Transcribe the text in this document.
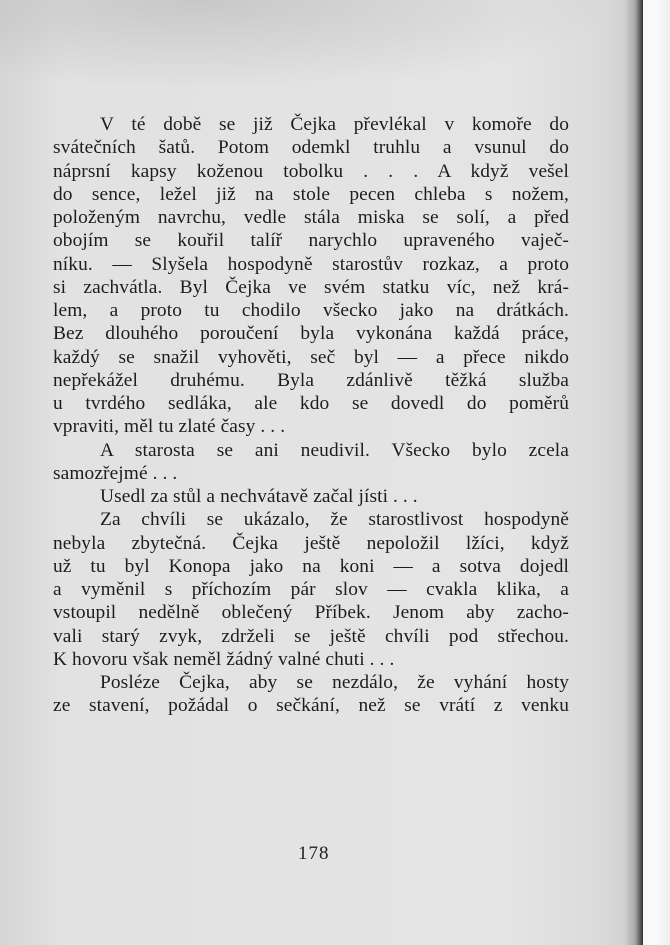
V té době se již Čejka převlékal v komoře do
svátečních šatů. Potom odemkl truhlu a vsunul do
náprsní kapsy koženou tobolku . . . A když vešel
do sence, ležel již na stole pecen chleba s nožem,
položeným navrchu, vedle stála miska se solí, a před
obojím se kouřil talíř narychlo upraveného vaječ-
níku. — Slyšela hospodyně starostův rozkaz, a proto
si zachvátla. Byl Čejka ve svém statku víc, než krá-
lem, a proto tu chodilo všecko jako na drátkách.
Bez dlouhého poroučení byla vykonána každá práce,
každý se snažil vyhověti, seč byl — a přece nikdo
nepřekážel druhému. Byla zdánlivě těžká služba
u tvrdého sedláka, ale kdo se dovedl do poměrů
vpraviti, měl tu zlaté časy . . .
A starosta se ani neudivil. Všecko bylo zcela
samozřejmé . . .
Usedl za stůl a nechvátavě začal jísti . . .
Za chvíli se ukázalo, že starostlivost hospodyně
nebyla zbytečná. Čejka ještě nepoložil lžíci, když
už tu byl Konopa jako na koni — a sotva dojedl
a vyměnil s příchozím pár slov — cvakla klika, a
vstoupil nedělně oblečený Příbek. Jenom aby zacho-
vali starý zvyk, zdrželi se ještě chvíli pod střechou.
K hovoru však neměl žádný valné chuti . . .
Posléze Čejka, aby se nezdálo, že vyhání hosty
ze stavení, požádal o sečkání, než se vrátí z venku
178
